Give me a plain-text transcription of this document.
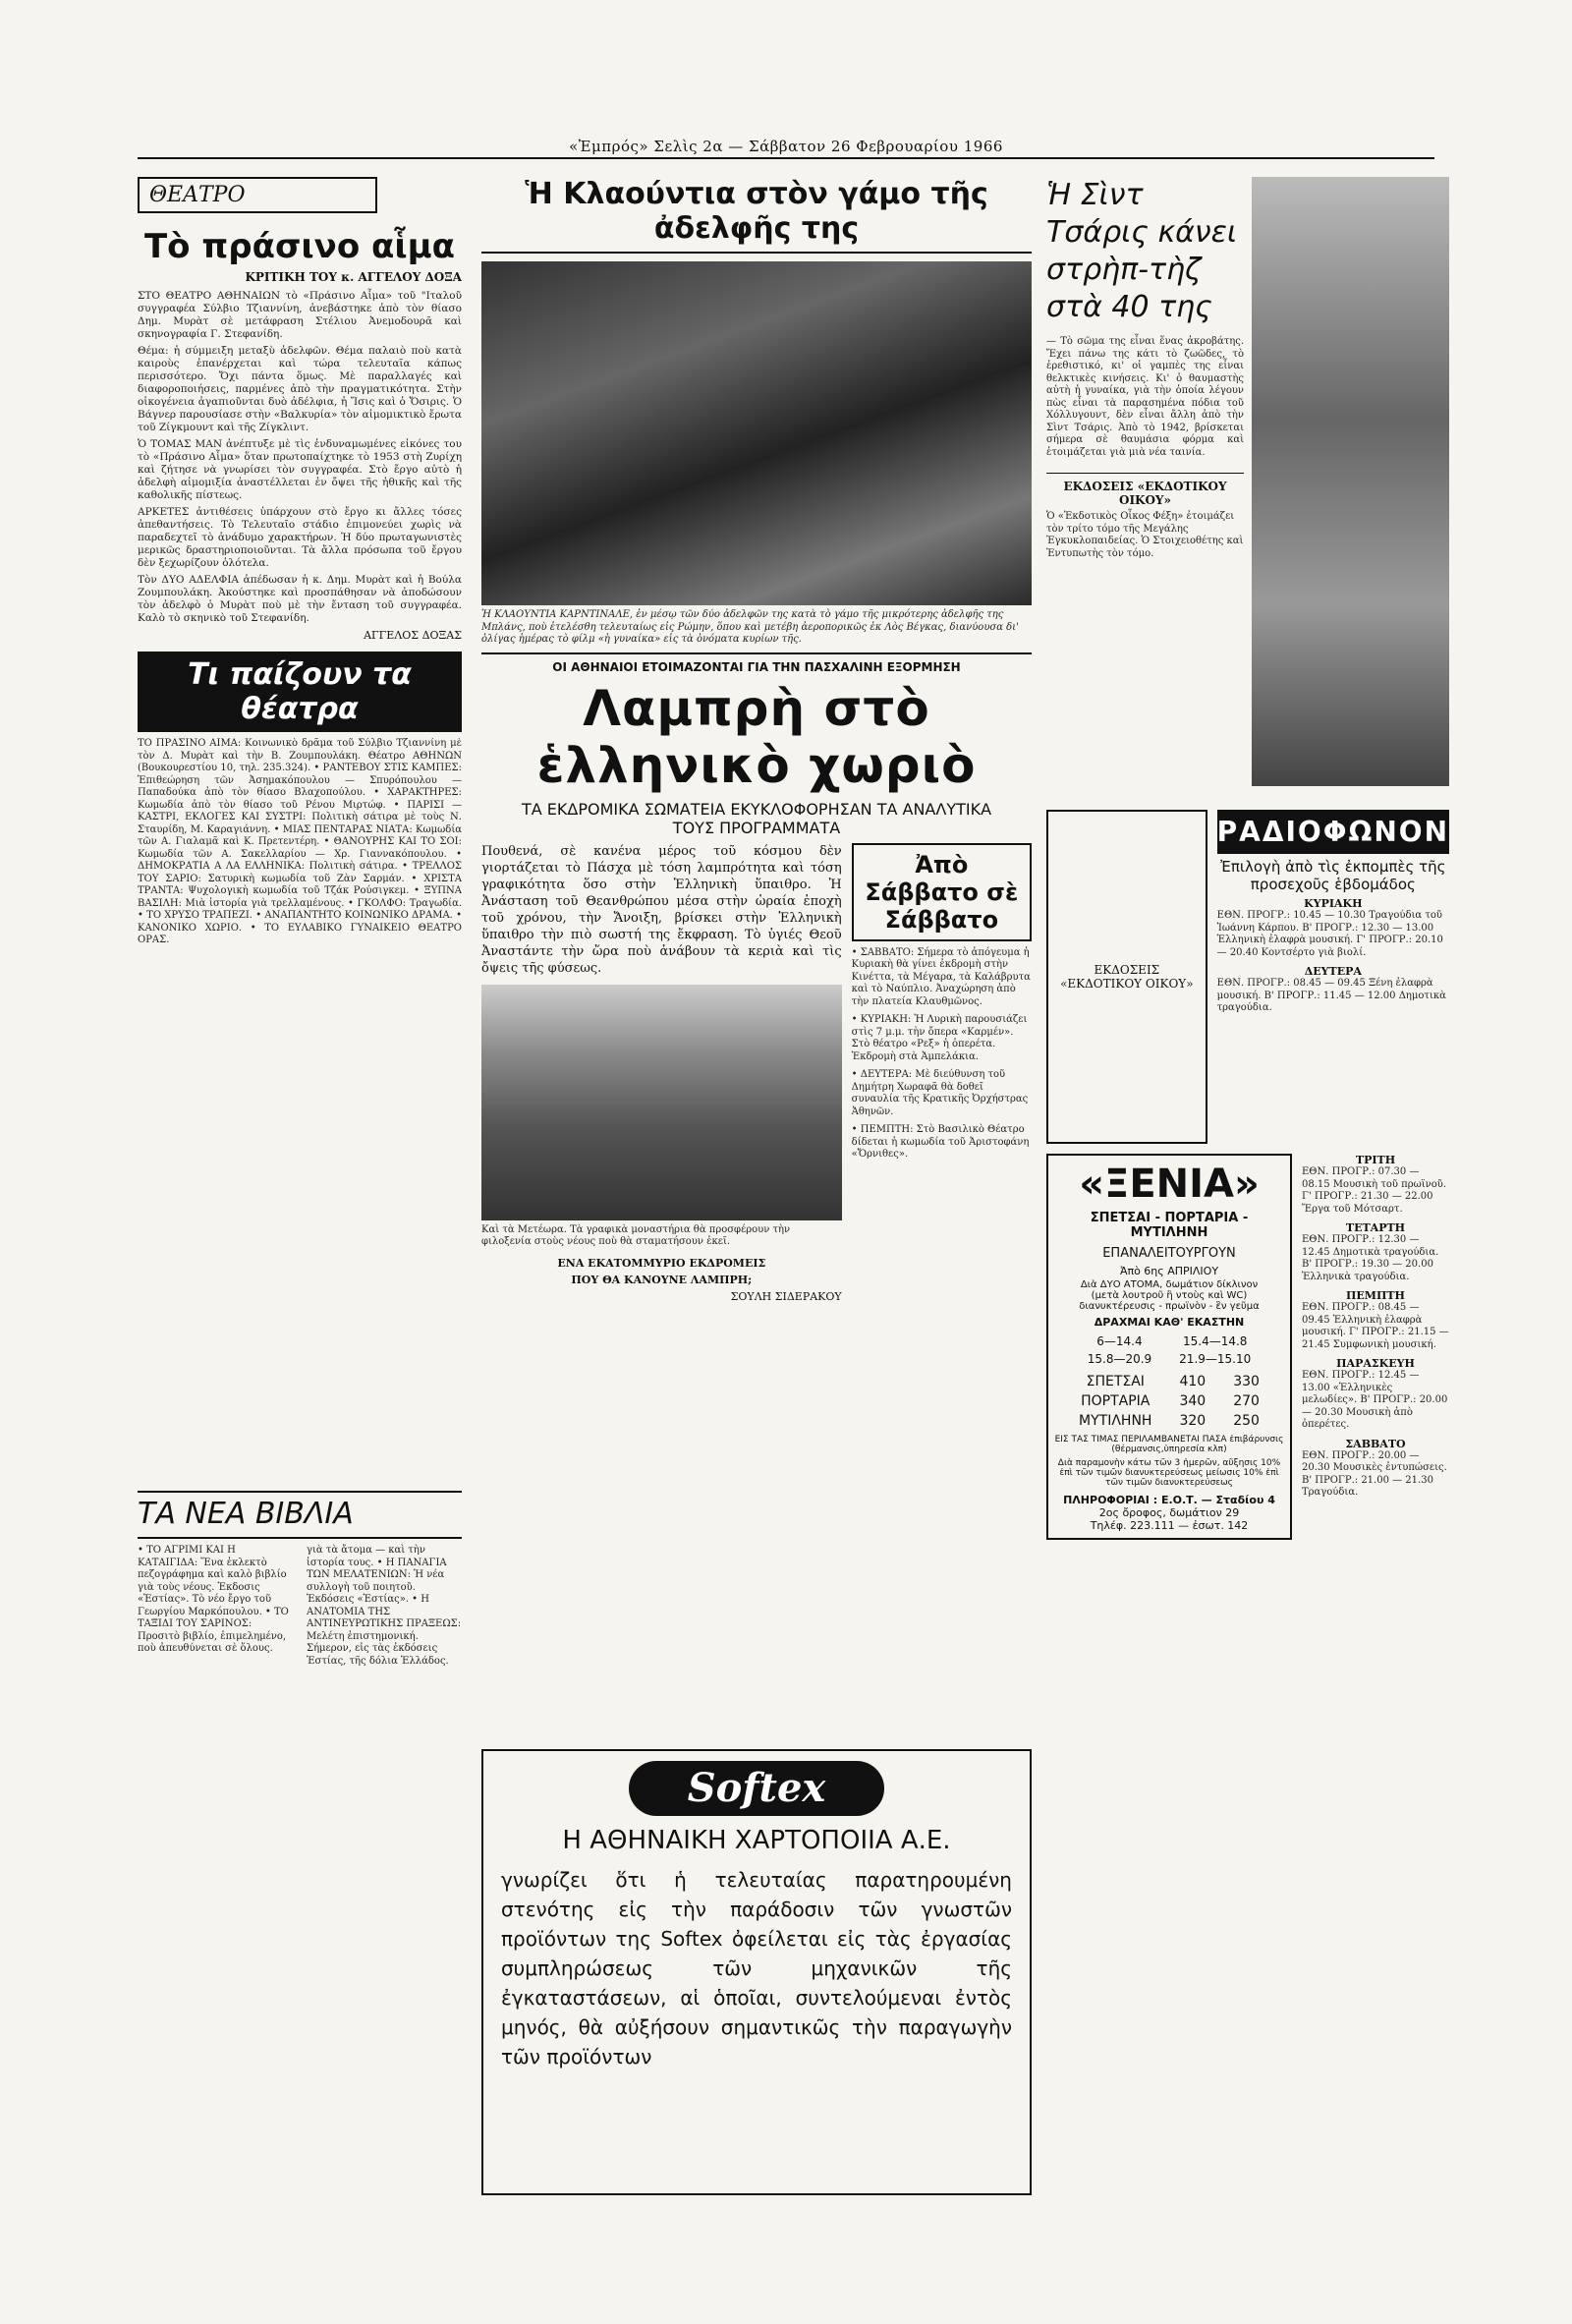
«Ἐμπρός» Σελὶς 2α — Σάββατον 26 Φεβρουαρίου 1966
ΘΕΑΤΡΟ
Τὸ πράσινο αἷμα
ΚΡΙΤΙΚΗ ΤΟΥ κ. ΑΓΓΕΛΟΥ ΔΟΞΑ
ΣΤΟ ΘΕΑΤΡΟ ΑΘΗΝΑΙΩΝ τὸ «Πράσινο Αἷμα» τοῦ "Ιταλοῦ συγγραφέα Σύλβιο Τζιαννίνη, ἀνεβάστηκε ἀπὸ τὸν θίασο Δημ. Μυρὰτ σὲ μετάφραση Στέλιου Ἀνεμοδουρᾶ καὶ σκηνογραφία Γ. Στεφανίδη.
Θέμα: ἡ σύμμειξη μεταξὺ ἀδελφῶν. Θέμα παλαιὸ ποὺ κατὰ καιροὺς ἐπανέρχεται καὶ τώρα τελευταῖα κάπως περισσότερο. Ὄχι πάντα ὅμως. Μὲ παραλλαγές καὶ διαφοροποιήσεις, παρμένες ἀπὸ τὴν πραγματικότητα. Στὴν οἰκογένεια ἀγαπιοῦνται δυὸ ἀδέλφια, ἡ Ἴσις καὶ ὁ Ὄσιρις. Ὁ Βάγνερ παρουσίασε στὴν «Βαλκυρία» τὸν αἱμομικτικὸ ἔρωτα τοῦ Ζίγκμουντ καὶ τῆς Ζίγκλιντ.
Ὁ ΤΟΜΑΣ ΜΑΝ ἀνέπτυξε μὲ τὶς ἐνδυναμωμένες εἰκόνες του τὸ «Πράσινο Αἷμα» ὅταν πρωτοπαίχτηκε τὸ 1953 στὴ Ζυρίχη καὶ ζήτησε νὰ γνωρίσει τὸν συγγραφέα. Στὸ ἔργο αὐτὸ ἡ ἀδελφὴ αἱμομιξία ἀναστέλλεται ἐν ὄψει τῆς ἠθικῆς καὶ τῆς καθολικῆς πίστεως.
ΑΡΚΕΤΕΣ ἀντιθέσεις ὑπάρχουν στὸ ἔργο κι ἄλλες τόσες ἀπεθαντήσεις. Τὸ Τελευταῖο στάδιο ἐπιμονεύει χωρὶς νὰ παραδεχτεῖ τὸ ἀνάδυμο χαρακτήρων. Ἡ δύο πρωταγωνιστὲς μερικῶς δραστηριοποιοῦνται. Τὰ ἄλλα πρόσωπα τοῦ ἔργου δὲν ξεχωρίζουν ὁλότελα.
Τὸν ΔΥΟ ΑΔΕΛΦΙΑ ἀπέδωσαν ἡ κ. Δημ. Μυρὰτ καὶ ἡ Βούλα Ζουμπουλάκη. Ἀκούστηκε καὶ προσπάθησαν νὰ ἀποδώσουν τὸν ἀδελφὸ ὁ Μυρὰτ ποὺ μὲ τὴν ἔνταση τοῦ συγγραφέα. Καλὸ τὸ σκηνικὸ τοῦ Στεφανίδη.
ΑΓΓΕΛΟΣ ΔΟΞΑΣ
Τι παίζουν τα θέατρα
ΤΟ ΠΡΑΣΙΝΟ ΑΙΜΑ: Κοινωνικὸ δρᾶμα τοῦ Σύλβιο Τζιαννίνη μὲ τὸν Δ. Μυρὰτ καὶ τὴν Β. Ζουμπουλάκη. Θέατρο ΑΘΗΝΩΝ (Βουκουρεστίου 10, τηλ. 235.324). • ΡΑΝΤΕΒΟΥ ΣΤΙΣ ΚΑΜΠΕΣ: Ἐπιθεώρηση τῶν Ἀσημακόπουλου — Σπυρόπουλου — Παπαδούκα ἀπὸ τὸν θίασο Βλαχοπούλου. • ΧΑΡΑΚΤΗΡΕΣ: Κωμωδία ἀπὸ τὸν θίασο τοῦ Ρένου Μιρτώφ. • ΠΑΡΙΣΙ — ΚΑΣΤΡΙ, ΕΚΛΟΓΕΣ ΚΑΙ ΣΥΣΤΡΙ: Πολιτικὴ σάτιρα μὲ τοὺς Ν. Σταυρίδη, Μ. Καραγιάννη. • ΜΙΑΣ ΠΕΝΤΑΡΑΣ ΝΙΑΤΑ: Κωμωδία τῶν Α. Γιαλαμᾶ καὶ Κ. Πρετεντέρη. • ΘΑΝΟΥΡΗΣ ΚΑΙ ΤΟ ΣΟΙ: Κωμωδία τῶν Α. Σακελλαρίου — Χρ. Γιαννακόπουλου. • ΔΗΜΟΚΡΑΤΙΑ Α ΛΑ ΕΛΛΗΝΙΚΑ: Πολιτικὴ σάτιρα. • ΤΡΕΛΛΟΣ ΤΟΥ ΣΑΡΙΟ: Σατυρικὴ κωμωδία τοῦ Ζὰν Σαρμάν. • ΧΡΙΣΤΑ ΤΡΑΝΤΑ: Ψυχολογικὴ κωμωδία τοῦ Τζάκ Ρούσιγκεμ. • ΞΥΠΝΑ ΒΑΣΙΛΗ: Μιὰ ἱστορία γιὰ τρελλαμένους. • ΓΚΟΛΦΟ: Τραγωδία. • ΤΟ ΧΡΥΣΟ ΤΡΑΠΕΖΙ. • ΑΝΑΠΑΝΤΗΤΟ ΚΟΙΝΩΝΙΚΟ ΔΡΑΜΑ. • ΚΑΝΟΝΙΚΟ ΧΩΡΙΟ. • ΤΟ ΕΥΛΑΒΙΚΟ ΓΥΝΑΙΚΕΙΟ ΘΕΑΤΡΟ ΟΡΑΣ.
ΤΑ ΝΕΑ ΒΙΒΛΙΑ
• ΤΟ ΑΓΡΙΜΙ ΚΑΙ Η ΚΑΤΑΙΓΙΔΑ: Ἕνα ἐκλεκτὸ πεζογράφημα καὶ καλὸ βιβλίο γιὰ τοὺς νέους. Ἐκδοσις «Ἑστίας». Τὸ νέο ἔργο τοῦ Γεωργίου Μαρκόπουλου. • ΤΟ ΤΑΞΙΔΙ ΤΟΥ ΣΑΡΙΝΟΣ: Προσιτὸ βιβλίο, ἐπιμελημένο, ποὺ ἀπευθύνεται σὲ ὅλους.
γιὰ τὰ ἄτομα — καὶ τὴν ἰστορία τους. • Η ΠΑΝΑΓΙΑ ΤΩΝ ΜΕΛΑΤΕΝΙΩΝ: Ἡ νέα συλλογὴ τοῦ ποιητοῦ. Ἐκδόσεις «Ἑστίας». • Η ΑΝΑΤΟΜΙΑ ΤΗΣ ΑΝΤΙΝΕΥΡΩΤΙΚΗΣ ΠΡΑΞΕΩΣ: Μελέτη ἐπιστημονική. Σήμερον, εἰς τὰς ἐκδόσεις Ἐστίας, τῆς δόλια Ἑλλάδος.
Ἡ Κλαούντια στὸν γάμο τῆς ἀδελφῆς της
Ἡ ΚΛΑΟΥΝΤΙΑ ΚΑΡΝΤΙΝΑΛΕ, ἐν μέσῳ τῶν δύο ἀδελφῶν της κατὰ τὸ γάμο τῆς μικρότερης ἀδελφῆς της Μπλάνς, ποὺ ἐτελέσθη τελευταίως εἰς Ρώμην, ὅπου καὶ μετέβη ἀεροπορικῶς ἐκ Λὸς Βέγκας, διανύουσα δι' ὀλίγας ἡμέρας τὸ φίλμ «ἡ γυναίκα» εἰς τὰ ὀνόματα κυρίων τῆς.
ΟΙ ΑΘΗΝΑΙΟΙ ΕΤΟΙΜΑΖΟΝΤΑΙ ΓΙΑ ΤΗΝ ΠΑΣΧΑΛΙΝΗ ΕΞΟΡΜΗΣΗ
Λαμπρὴ στὸ ἑλληνικὸ χωριὸ
ΤΑ ΕΚΔΡΟΜΙΚΑ ΣΩΜΑΤΕΙΑ ΕΚΥΚΛΟΦΟΡΗΣΑΝ ΤΑ ΑΝΑΛΥΤΙΚΑ ΤΟΥΣ ΠΡΟΓΡΑΜΜΑΤΑ
Πουθενά, σὲ κανένα μέρος τοῦ κόσμου δὲν γιορτάζεται τὸ Πάσχα μὲ τόση λαμπρότητα καὶ τόση γραφικότητα ὅσο στὴν Ἑλληνικὴ ὕπαιθρο. Ἡ Ἀνάσταση τοῦ Θεανθρώπου μέσα στὴν ὡραία ἐποχὴ τοῦ χρόνου, τὴν Ἄνοιξη, βρίσκει στὴν Ἑλληνικὴ ὕπαιθρο τὴν πιὸ σωστή της ἔκφραση. Τὸ ὑγιές Θεοῦ Ἀναστάντε τὴν ὥρα ποὺ ἀνάβουν τὰ κεριὰ καὶ τὶς ὄψεις τῆς φύσεως.
Καὶ τὰ Μετέωρα. Τὰ γραφικὰ μοναστήρια θὰ προσφέρουν τὴν φιλοξενία στοὺς νέους ποὺ θὰ σταματήσουν ἐκεῖ.
ΕΝΑ ΕΚΑΤΟΜΜΥΡΙΟ ΕΚΔΡΟΜΕΙΣ
ΠΟΥ ΘΑ ΚΑΝΟΥΝΕ ΛΑΜΠΡΗ;
ΣΟΥΛΗ ΣΙΔΕΡΑΚΟΥ
Ἀπὸ Σάββατο σὲ Σάββατο
• ΣΑΒΒΑΤΟ: Σήμερα τὸ ἀπόγευμα ἡ Κυριακὴ θὰ γίνει ἐκδρομὴ στὴν Κινέττα, τὰ Μέγαρα, τὰ Καλάβρυτα καὶ τὸ Ναύπλιο. Ἀναχώρηση ἀπὸ τὴν πλατεία Κλαυθμῶνος.
• ΚΥΡΙΑΚΗ: Ἡ Λυρικὴ παρουσιάζει στὶς 7 μ.μ. τὴν ὄπερα «Καρμέν». Στὸ θέατρο «Ρεξ» ἡ ὀπερέτα. Ἐκδρομὴ στὰ Ἀμπελάκια.
• ΔΕΥΤΕΡΑ: Μὲ διεύθυνση τοῦ Δημήτρη Χωραφᾶ θὰ δοθεῖ συναυλία τῆς Κρατικῆς Ὀρχήστρας Ἀθηνῶν.
• ΠΕΜΠΤΗ: Στὸ Βασιλικὸ Θέατρο δίδεται ἡ κωμωδία τοῦ Ἀριστοφάνη «Ὄρνιθες».
Softex
Η ΑΘΗΝΑΙΚΗ ΧΑΡΤΟΠΟΙΙΑ Α.Ε.
γνωρίζει ὅτι ἡ τελευταίας παρατηρουμένη στενότης εἰς τὴν παράδοσιν τῶν γνωστῶν προϊόντων της Softex ὀφείλεται εἰς τὰς ἐργασίας συμπληρώσεως τῶν μηχανικῶν τῆς ἐγκαταστάσεων, αἱ ὁποῖαι, συντελούμεναι ἐντὸς μηνός, θὰ αὐξήσουν σημαντικῶς τὴν παραγωγὴν τῶν προϊόντων
Ἡ Σὶντ Τσάρις κάνει στρὴπ-τὴζ στὰ 40 της
— Τὸ σῶμα της εἶναι ἕνας ἀκροβάτης. Ἔχει πάνω της κάτι τὸ ζωῶδες, τὸ ἐρεθιστικό, κι' οἱ γαμπὲς της εἶναι θελκτικὲς κινήσεις. Κι' ὁ θαυμαστὴς αὐτὴ ἡ γυναίκα, γιὰ τὴν ὁποία λέγουν πὼς εἶναι τὰ παρασημένα πόδια τοῦ Χόλλυγουντ, δὲν εἶναι ἄλλη ἀπὸ τὴν Σὶντ Τσάρις. Ἀπὸ τὸ 1942, βρίσκεται σήμερα σὲ θαυμάσια φόρμα καὶ ἑτοιμάζεται γιὰ μιὰ νέα ταινία.
ΕΚΔΟΣΕΙΣ «ΕΚΔΟΤΙΚΟΥ ΟΙΚΟΥ»
Ὁ «Ἐκδοτικὸς Οἶκος Φέξη» ἐτοιμάζει τὸν τρίτο τόμο τῆς Μεγάλης Ἐγκυκλοπαιδείας. Ὁ Στοιχειοθέτης καὶ Ἐντυπωτὴς τὸν τόμο.
ΕΚΔΟΣΕΙΣ «ΕΚΔΟΤΙΚΟΥ ΟΙΚΟΥ»
ΡΑΔΙΟΦΩΝΟΝ
Ἐπιλογὴ ἀπὸ τὶς ἐκπομπὲς τῆς προσεχοῦς ἑβδομάδος
ΚΥΡΙΑΚΗ
ΕΘΝ. ΠΡΟΓΡ.: 10.45 — 10.30 Τραγούδια τοῦ Ἰωάννη Κάρπου. Β' ΠΡΟΓΡ.: 12.30 — 13.00 Ἑλληνικὴ ἐλαφρὰ μουσική. Γ' ΠΡΟΓΡ.: 20.10 — 20.40 Κοντσέρτο γιὰ βιολί.
ΔΕΥΤΕΡΑ
ΕΘΝ. ΠΡΟΓΡ.: 08.45 — 09.45 Ξένη ἐλαφρὰ μουσική. Β' ΠΡΟΓΡ.: 11.45 — 12.00 Δημοτικὰ τραγούδια.
«ΞΕΝΙΑ»
ΣΠΕΤΣΑΙ - ΠΟΡΤΑΡΙΑ - ΜΥΤΙΛΗΝΗ
ΕΠΑΝΑΛΕΙΤΟΥΡΓΟΥΝ
Ἀπὸ 6ης ΑΠΡΙΛΙΟΥ
Διὰ ΔΥΟ ΑΤΟΜΑ, δωμάτιον δίκλινον
(μετὰ λουτροῦ ἢ ντοὺς καὶ WC)
διανυκτέρευσις - πρωϊνὸν - ἓν γεῦμα
ΔΡΑΧΜΑΙ ΚΑΘ' ΕΚΑΣΤΗΝ
6—14.4	15.4—14.8
15.8—20.9	21.9—15.10
ΣΠΕΤΣΑΙ	410	330
ΠΟΡΤΑΡΙΑ	340	270
ΜΥΤΙΛΗΝΗ	320	250
ΕΙΣ ΤΑΣ ΤΙΜΑΣ ΠΕΡΙΛΑΜΒΑΝΕΤΑΙ ΠΑΣΑ ἐπιβάρυνσις (θέρμανσις,ὑπηρεσία κλπ)
Διὰ παραμονὴν κάτω τῶν 3 ἡμερῶν, αὔξησις 10% ἐπὶ τῶν τιμῶν διανυκτερεύσεως μείωσις 10% ἐπὶ τῶν τιμῶν διανυκτερεύσεως
ΠΛΗΡΟΦΟΡΙΑΙ : Ε.Ο.Τ. — Σταδίου 4
2ος ὄροφος, δωμάτιον 29
Τηλέφ. 223.111 — ἐσωτ. 142
ΤΡΙΤΗ
ΕΘΝ. ΠΡΟΓΡ.: 07.30 — 08.15 Μουσικὴ τοῦ πρωϊνοῦ. Γ' ΠΡΟΓΡ.: 21.30 — 22.00 Ἔργα τοῦ Μότσαρτ.
ΤΕΤΑΡΤΗ
ΕΘΝ. ΠΡΟΓΡ.: 12.30 — 12.45 Δημοτικὰ τραγούδια. Β' ΠΡΟΓΡ.: 19.30 — 20.00 Ἑλληνικὰ τραγούδια.
ΠΕΜΠΤΗ
ΕΘΝ. ΠΡΟΓΡ.: 08.45 — 09.45 Ἑλληνικὴ ἐλαφρὰ μουσική. Γ' ΠΡΟΓΡ.: 21.15 — 21.45 Συμφωνικὴ μουσική.
ΠΑΡΑΣΚΕΥΗ
ΕΘΝ. ΠΡΟΓΡ.: 12.45 — 13.00 «Ἑλληνικὲς μελωδίες». Β' ΠΡΟΓΡ.: 20.00 — 20.30 Μουσικὴ ἀπὸ ὀπερέτες.
ΣΑΒΒΑΤΟ
ΕΘΝ. ΠΡΟΓΡ.: 20.00 — 20.30 Μουσικὲς ἐντυπώσεις. Β' ΠΡΟΓΡ.: 21.00 — 21.30 Τραγούδια.
